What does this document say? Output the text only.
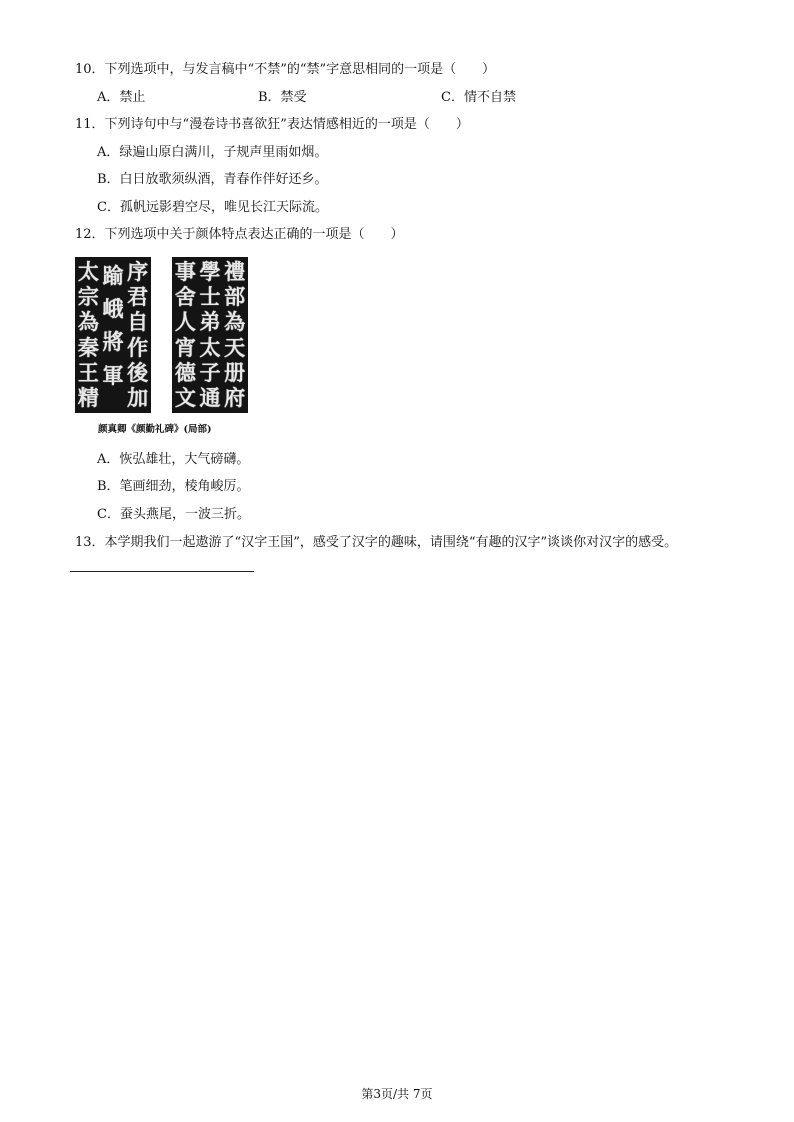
10．下列选项中，与发言稿中“不禁”的“禁”字意思相同的一项是（　　）
A．禁止	B．禁受	C．情不自禁
11．下列诗句中与“漫卷诗书喜欲狂”表达情感相近的一项是（　　）
A．绿遍山原白满川，子规声里雨如烟。
B．白日放歌须纵酒，青春作伴好还乡。
C．孤帆远影碧空尽，唯见长江天际流。
12．下列选项中关于颜体特点表达正确的一项是（　　）
序
君
自
作
後
加
踰
峨
將
軍
太
宗
為
秦
王
精
禮
部
為
天
册
府
學
士
弟
太
子
通
事
舍
人
宵
德
文
颜真卿《颜勤礼碑》(局部)
A．恢弘雄壮，大气磅礴。
B．笔画细劲，棱角峻厉。
C．蚕头燕尾，一波三折。
13．本学期我们一起遨游了“汉字王国”，感受了汉字的趣味，请围绕“有趣的汉字”谈谈你对汉字的感受。
第3页/共 7页
